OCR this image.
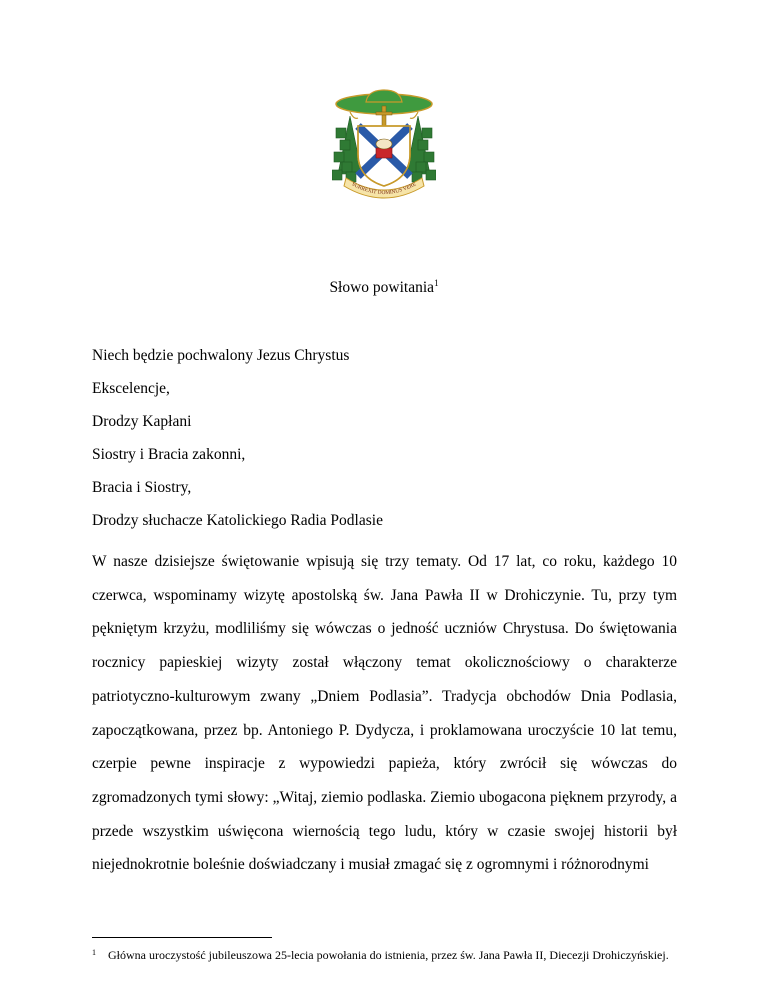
SURREXIT DOMINUS VERE
Słowo powitania$^1$
Niech będzie pochwalony Jezus Chrystus
Ekscelencje,
Drodzy Kapłani
Siostry i Bracia zakonni,
Bracia i Siostry,
Drodzy słuchacze Katolickiego Radia Podlasie

W nasze dzisiejsze świętowanie wpisują się trzy tematy. Od 17 lat, co roku, każdego 10 czerwca, wspominamy wizytę apostolską św. Jana Pawła II w Drohiczynie. Tu, przy tym pękniętym krzyżu, modliliśmy się wówczas o jedność uczniów Chrystusa. Do świętowania rocznicy papieskiej wizyty został włączony temat okolicznościowy o charakterze patriotyczno-kulturowym zwany „Dniem Podlasia”. Tradycja obchodów Dnia Podlasia, zapoczątkowana, przez bp. Antoniego P. Dydycza, i proklamowana uroczyście 10 lat temu, czerpie pewne inspiracje z wypowiedzi papieża, który zwrócił się wówczas do zgromadzonych tymi słowy: „Witaj, ziemio podlaska. Ziemio ubogacona pięknem przyrody, a przede wszystkim uświęcona wiernością tego ludu, który w czasie swojej historii był niejednokrotnie boleśnie doświadczany i musiał zmagać się z ogromnymi i różnorodnymi

$^1$ Główna uroczystość jubileuszowa 25-lecia powołania do istnienia, przez św. Jana Pawła II, Diecezji Drohiczyńskiej.
